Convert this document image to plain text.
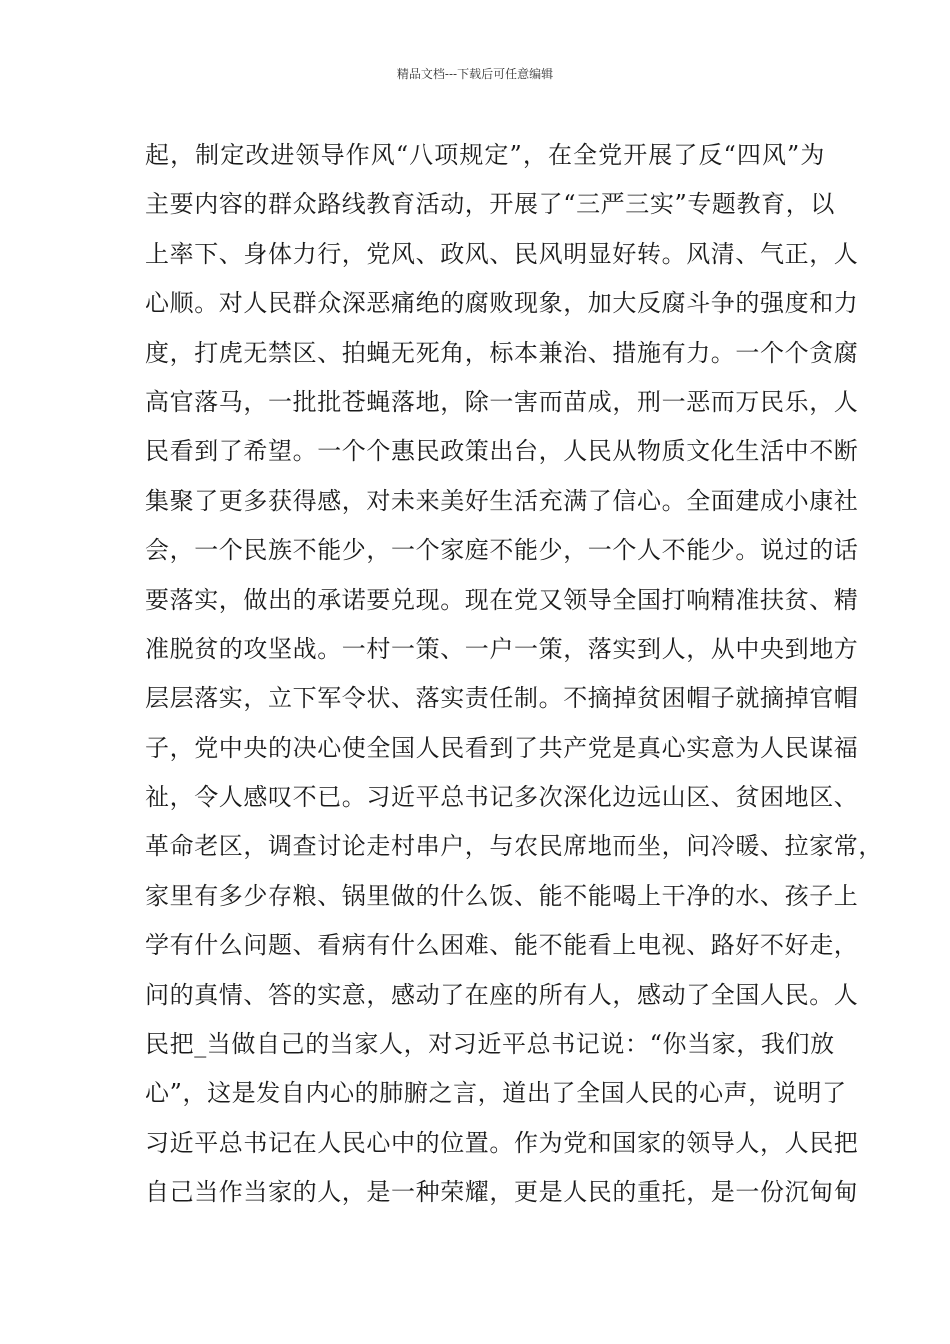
精品文档---下载后可任意编辑
起，制定改进领导作风“八项规定”，在全党开展了反“四风”为
主要内容的群众路线教育活动，开展了“三严三实”专题教育，以
上率下、身体力行，党风、政风、民风明显好转。风清、气正，人
心顺。对人民群众深恶痛绝的腐败现象，加大反腐斗争的强度和力
度，打虎无禁区、拍蝇无死角，标本兼治、措施有力。一个个贪腐
高官落马，一批批苍蝇落地，除一害而苗成，刑一恶而万民乐，人
民看到了希望。一个个惠民政策出台，人民从物质文化生活中不断
集聚了更多获得感，对未来美好生活充满了信心。全面建成小康社
会，一个民族不能少，一个家庭不能少，一个人不能少。说过的话
要落实，做出的承诺要兑现。现在党又领导全国打响精准扶贫、精
准脱贫的攻坚战。一村一策、一户一策，落实到人，从中央到地方
层层落实，立下军令状、落实责任制。不摘掉贫困帽子就摘掉官帽
子，党中央的决心使全国人民看到了共产党是真心实意为人民谋福
祉，令人感叹不已。习近平总书记多次深化边远山区、贫困地区、
革命老区，调查讨论走村串户，与农民席地而坐，问冷暖、拉家常，
家里有多少存粮、锅里做的什么饭、能不能喝上干净的水、孩子上
学有什么问题、看病有什么困难、能不能看上电视、路好不好走，
问的真情、答的实意，感动了在座的所有人，感动了全国人民。人
民把_当做自己的当家人，对习近平总书记说：“你当家，我们放
心”，这是发自内心的肺腑之言，道出了全国人民的心声，说明了
习近平总书记在人民心中的位置。作为党和国家的领导人，人民把
自己当作当家的人，是一种荣耀，更是人民的重托，是一份沉甸甸
